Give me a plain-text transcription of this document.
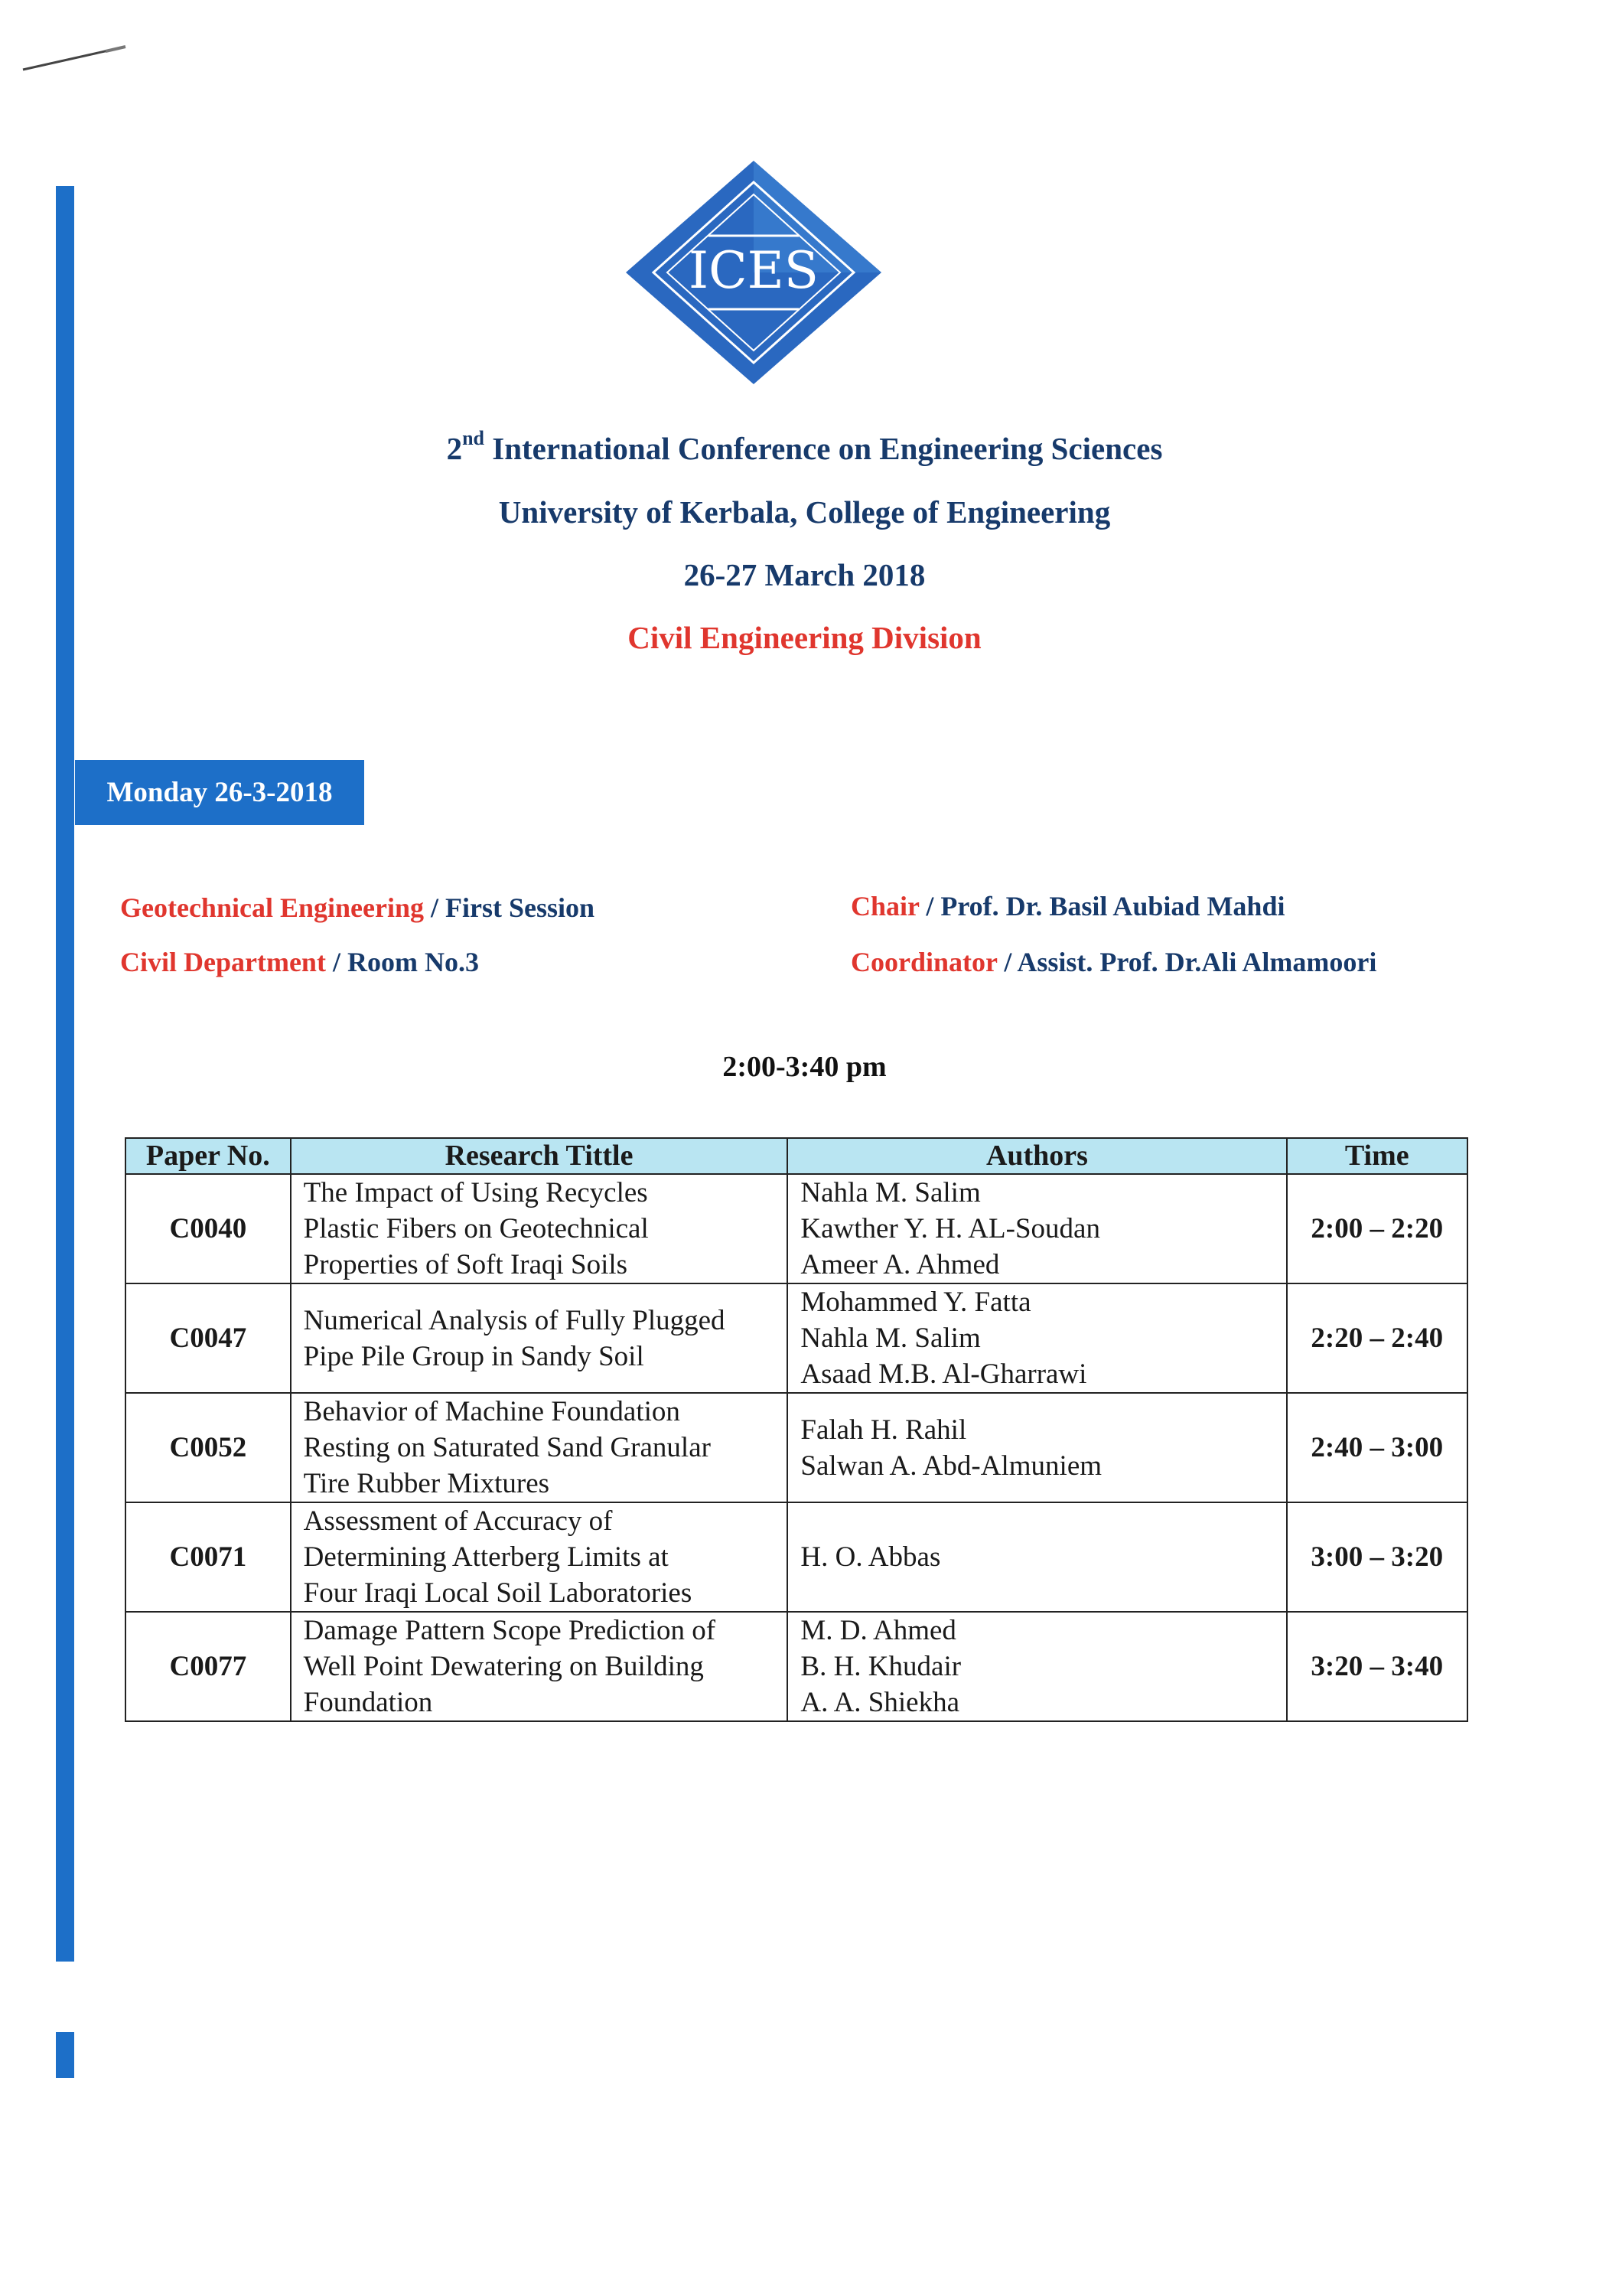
ICES
2nd International Conference on Engineering Sciences
University of Kerbala, College of Engineering
26-27 March 2018
Civil Engineering Division
Monday 26-3-2018
Geotechnical Engineering / First Session
Civil Department / Room No.3
Chair / Prof. Dr. Basil Aubiad Mahdi
Coordinator / Assist. Prof. Dr.Ali Almamoori
2:00-3:40 pm
Paper No.	Research Tittle	Authors	Time
C0040	The Impact of Using Recycles
Plastic Fibers on Geotechnical
Properties of Soft Iraqi Soils	Nahla M. Salim
Kawther Y. H. AL-Soudan
Ameer A. Ahmed	2:00 – 2:20
C0047	Numerical Analysis of Fully Plugged
Pipe Pile Group in Sandy Soil	Mohammed Y. Fatta
Nahla M. Salim
Asaad M.B. Al-Gharrawi	2:20 – 2:40
C0052	Behavior of Machine Foundation
Resting on Saturated Sand Granular
Tire Rubber Mixtures	Falah H. Rahil
Salwan A. Abd-Almuniem	2:40 – 3:00
C0071	Assessment of Accuracy of
Determining Atterberg Limits at
Four Iraqi Local Soil Laboratories	H. O. Abbas	3:00 – 3:20
C0077	Damage Pattern Scope Prediction of
Well Point Dewatering on Building
Foundation	M. D. Ahmed
B. H. Khudair
A. A. Shiekha	3:20 – 3:40
